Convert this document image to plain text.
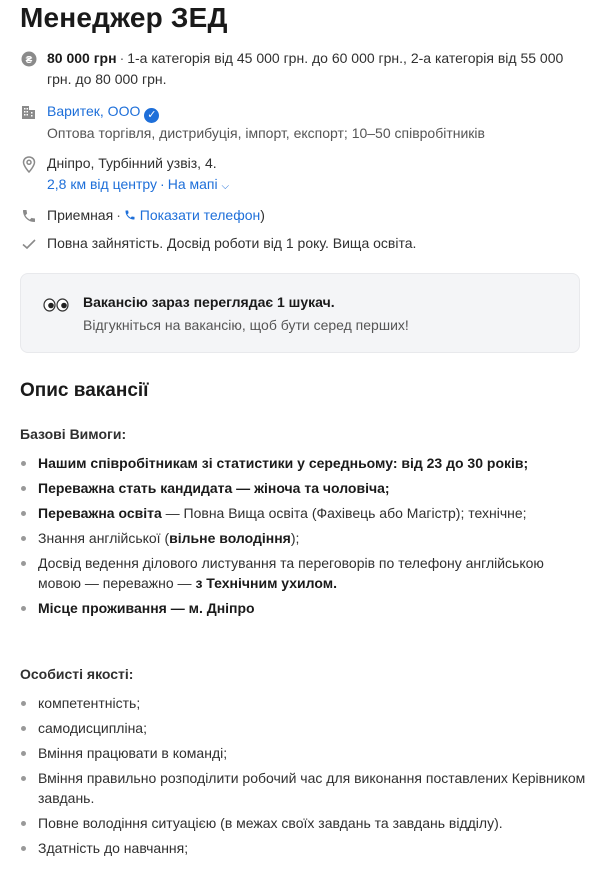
Менеджер ЗЕД
₴ 80 000 грн · 1-а категорія від 45 000 грн. до 60 000 грн., 2-а категорія від 55 000 грн. до 80 000 грн.
Варитек, ООО ✓
Оптова торгівля, дистрибуція, імпорт, експорт; 10–50 співробітників
Дніпро, Турбінний узвіз, 4.
2,8 км від центру · На мапі ⌵
Приемная · Показати телефон)
Повна зайнятість. Досвід роботи від 1 року. Вища освіта.
Вакансію зараз переглядає 1 шукач.
Відгукніться на вакансію, щоб бути серед перших!
Опис вакансії
Базові Вимоги:
Нашим співробітникам зі статистики у середньому: від 23 до 30 років;
Переважна стать кандидата — жіноча та чоловіча;
Переважна освіта — Повна Вища освіта (Фахівець або Магістр); технічне;
Знання англійської (вільне володіння);
Досвід ведення ділового листування та переговорів по телефону англійською мовою — переважно — з Технічним ухилом.
Місце проживання — м. Дніпро
Особисті якості:
компетентність;
самодисципліна;
Вміння працювати в команді;
Вміння правильно розподілити робочий час для виконання поставлених Керівником завдань.
Повне володіння ситуацією (в межах своїх завдань та завдань відділу).
Здатність до навчання;
